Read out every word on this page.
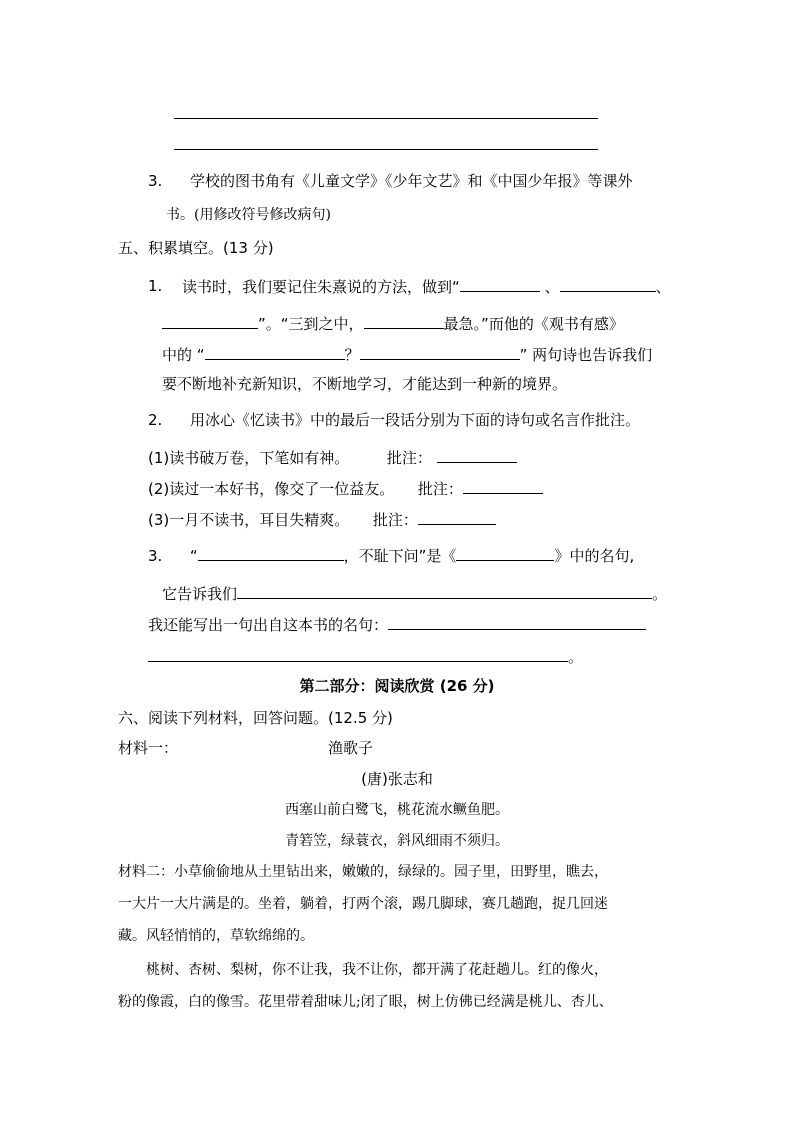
3. 学校的图书角有《儿童文学》《少年文艺》和《中国少年报》等课外
书。(用修改符号修改病句)
五、积累填空。(13 分)
1. 读书时，我们要记住朱熹说的方法，做到“	、	、
”。“三到之中，	最急。”而他的《观书有感》
中的 “	？	” 两句诗也告诉我们
要不断地补充新知识，不断地学习，才能达到一种新的境界。
2. 用冰心《忆读书》中的最后一段话分别为下面的诗句或名言作批注。
(1)读书破万卷，下笔如有神。	批注：
(2)读过一本好书，像交了一位益友。 批注：
(3)一月不读书，耳目失精爽。 批注：
3. “	，不耻下问”是《	》中的名句,
它告诉我们	。
我还能写出一句出自这本书的名句：
。
第二部分：阅读欣赏 (26 分)
六、阅读下列材料，回答问题。(12.5 分)
材料一：	渔歌子
(唐)张志和
西塞山前白鹭飞，桃花流水鳜鱼肥。
青箬笠，绿蓑衣，斜风细雨不须归。
材料二：小草偷偷地从土里钻出来，嫩嫩的，绿绿的。园子里，田野里，瞧去，
一大片一大片满是的。坐着，躺着，打两个滚，踢几脚球，赛几趟跑，捉几回迷
藏。风轻悄悄的，草软绵绵的。
桃树、杏树、梨树，你不让我，我不让你，都开满了花赶趟儿。红的像火，
粉的像霞，白的像雪。花里带着甜味儿;闭了眼，树上仿佛已经满是桃儿、杏儿、
